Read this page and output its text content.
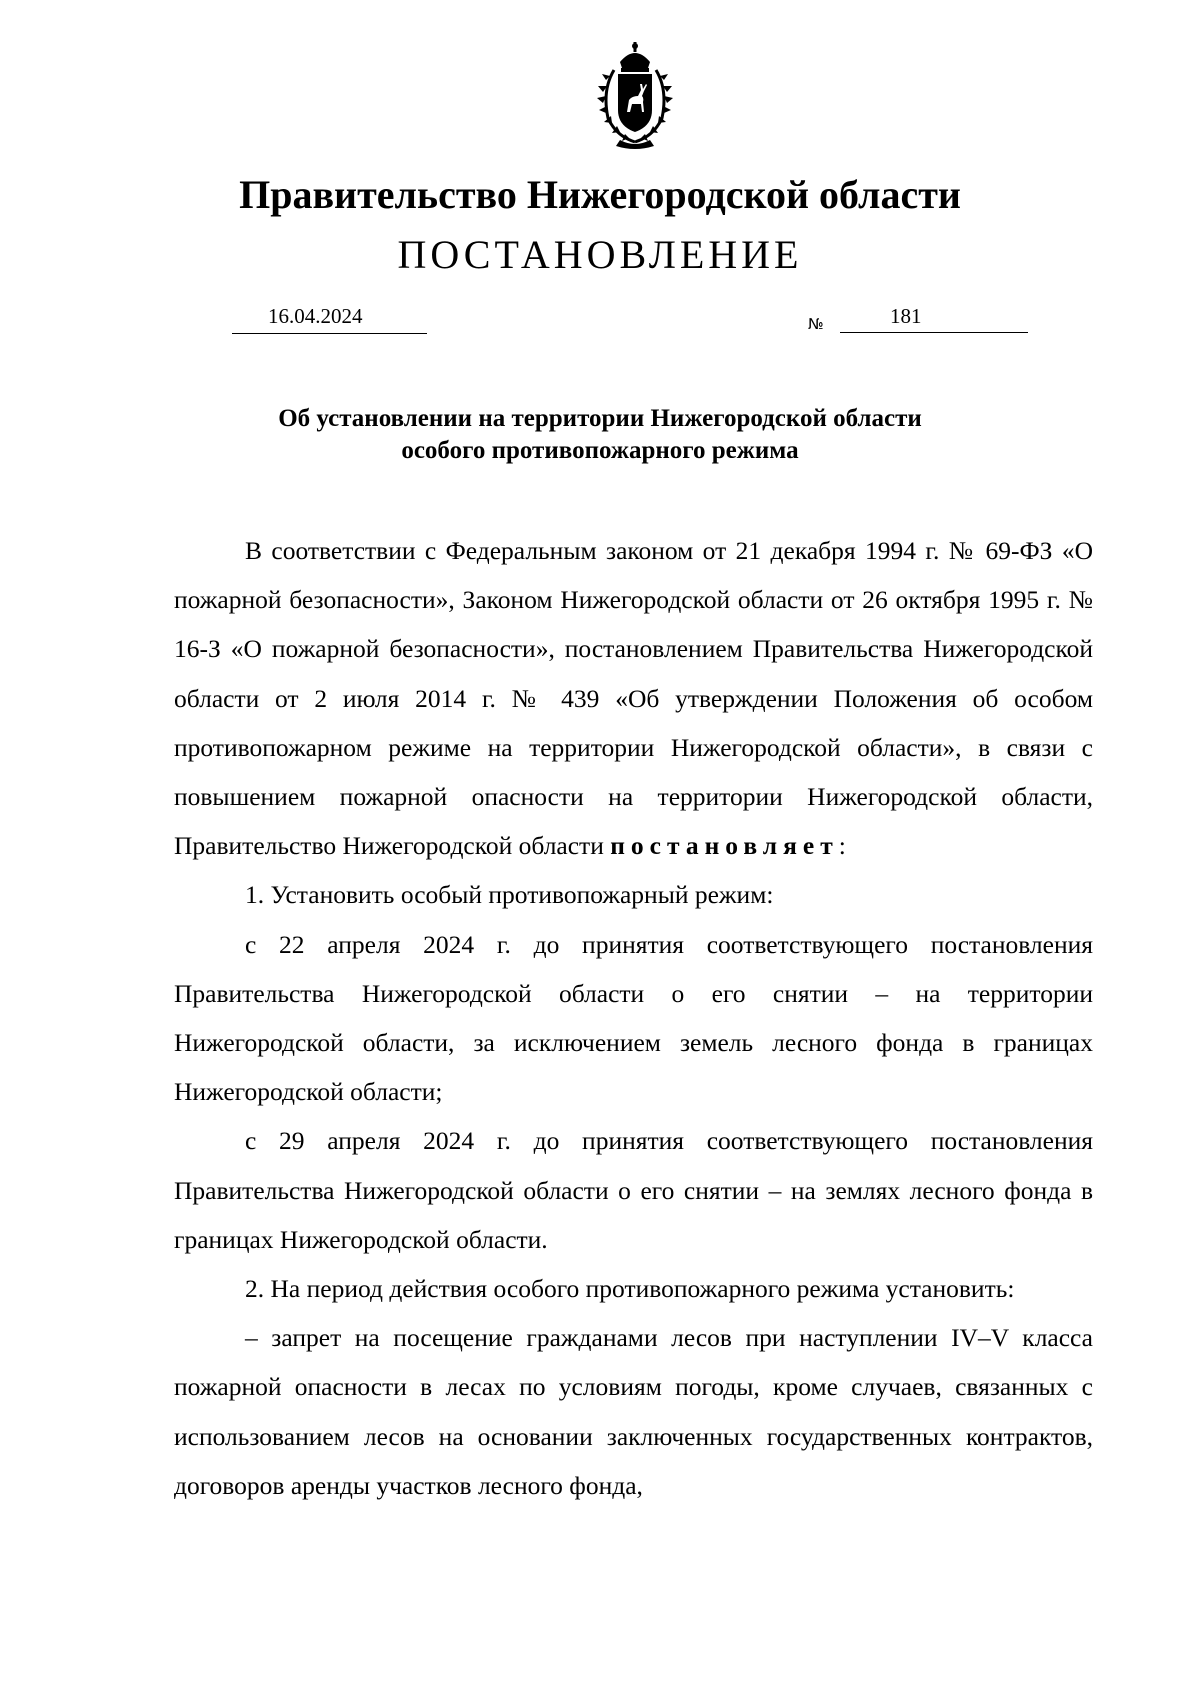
Правительство Нижегородской области
ПОСТАНОВЛЕНИЕ
16.04.2024	№	181
Об установлении на территории Нижегородской области
особого противопожарного режима

В соответствии с Федеральным законом от 21 декабря 1994 г. № 69-ФЗ «О пожарной безопасности», Законом Нижегородской области от 26 октября 1995 г. № 16-З «О пожарной безопасности», постановлением Правительства Нижегородской области от 2 июля 2014 г. № 439 «Об утверждении Положения об особом противопожарном режиме на территории Нижегородской области», в связи с повышением пожарной опасности на территории Нижегородской области, Правительство Нижегородской области постановляет:

1. Установить особый противопожарный режим:

с 22 апреля 2024 г. до принятия соответствующего постановления Правительства Нижегородской области о его снятии – на территории Нижегородской области, за исключением земель лесного фонда в границах Нижегородской области;

с 29 апреля 2024 г. до принятия соответствующего постановления Правительства Нижегородской области о его снятии – на землях лесного фонда в границах Нижегородской области.

2. На период действия особого противопожарного режима установить:

– запрет на посещение гражданами лесов при наступлении IV–V класса пожарной опасности в лесах по условиям погоды, кроме случаев, связанных с использованием лесов на основании заключенных государственных контрактов, договоров аренды участков лесного фонда,
